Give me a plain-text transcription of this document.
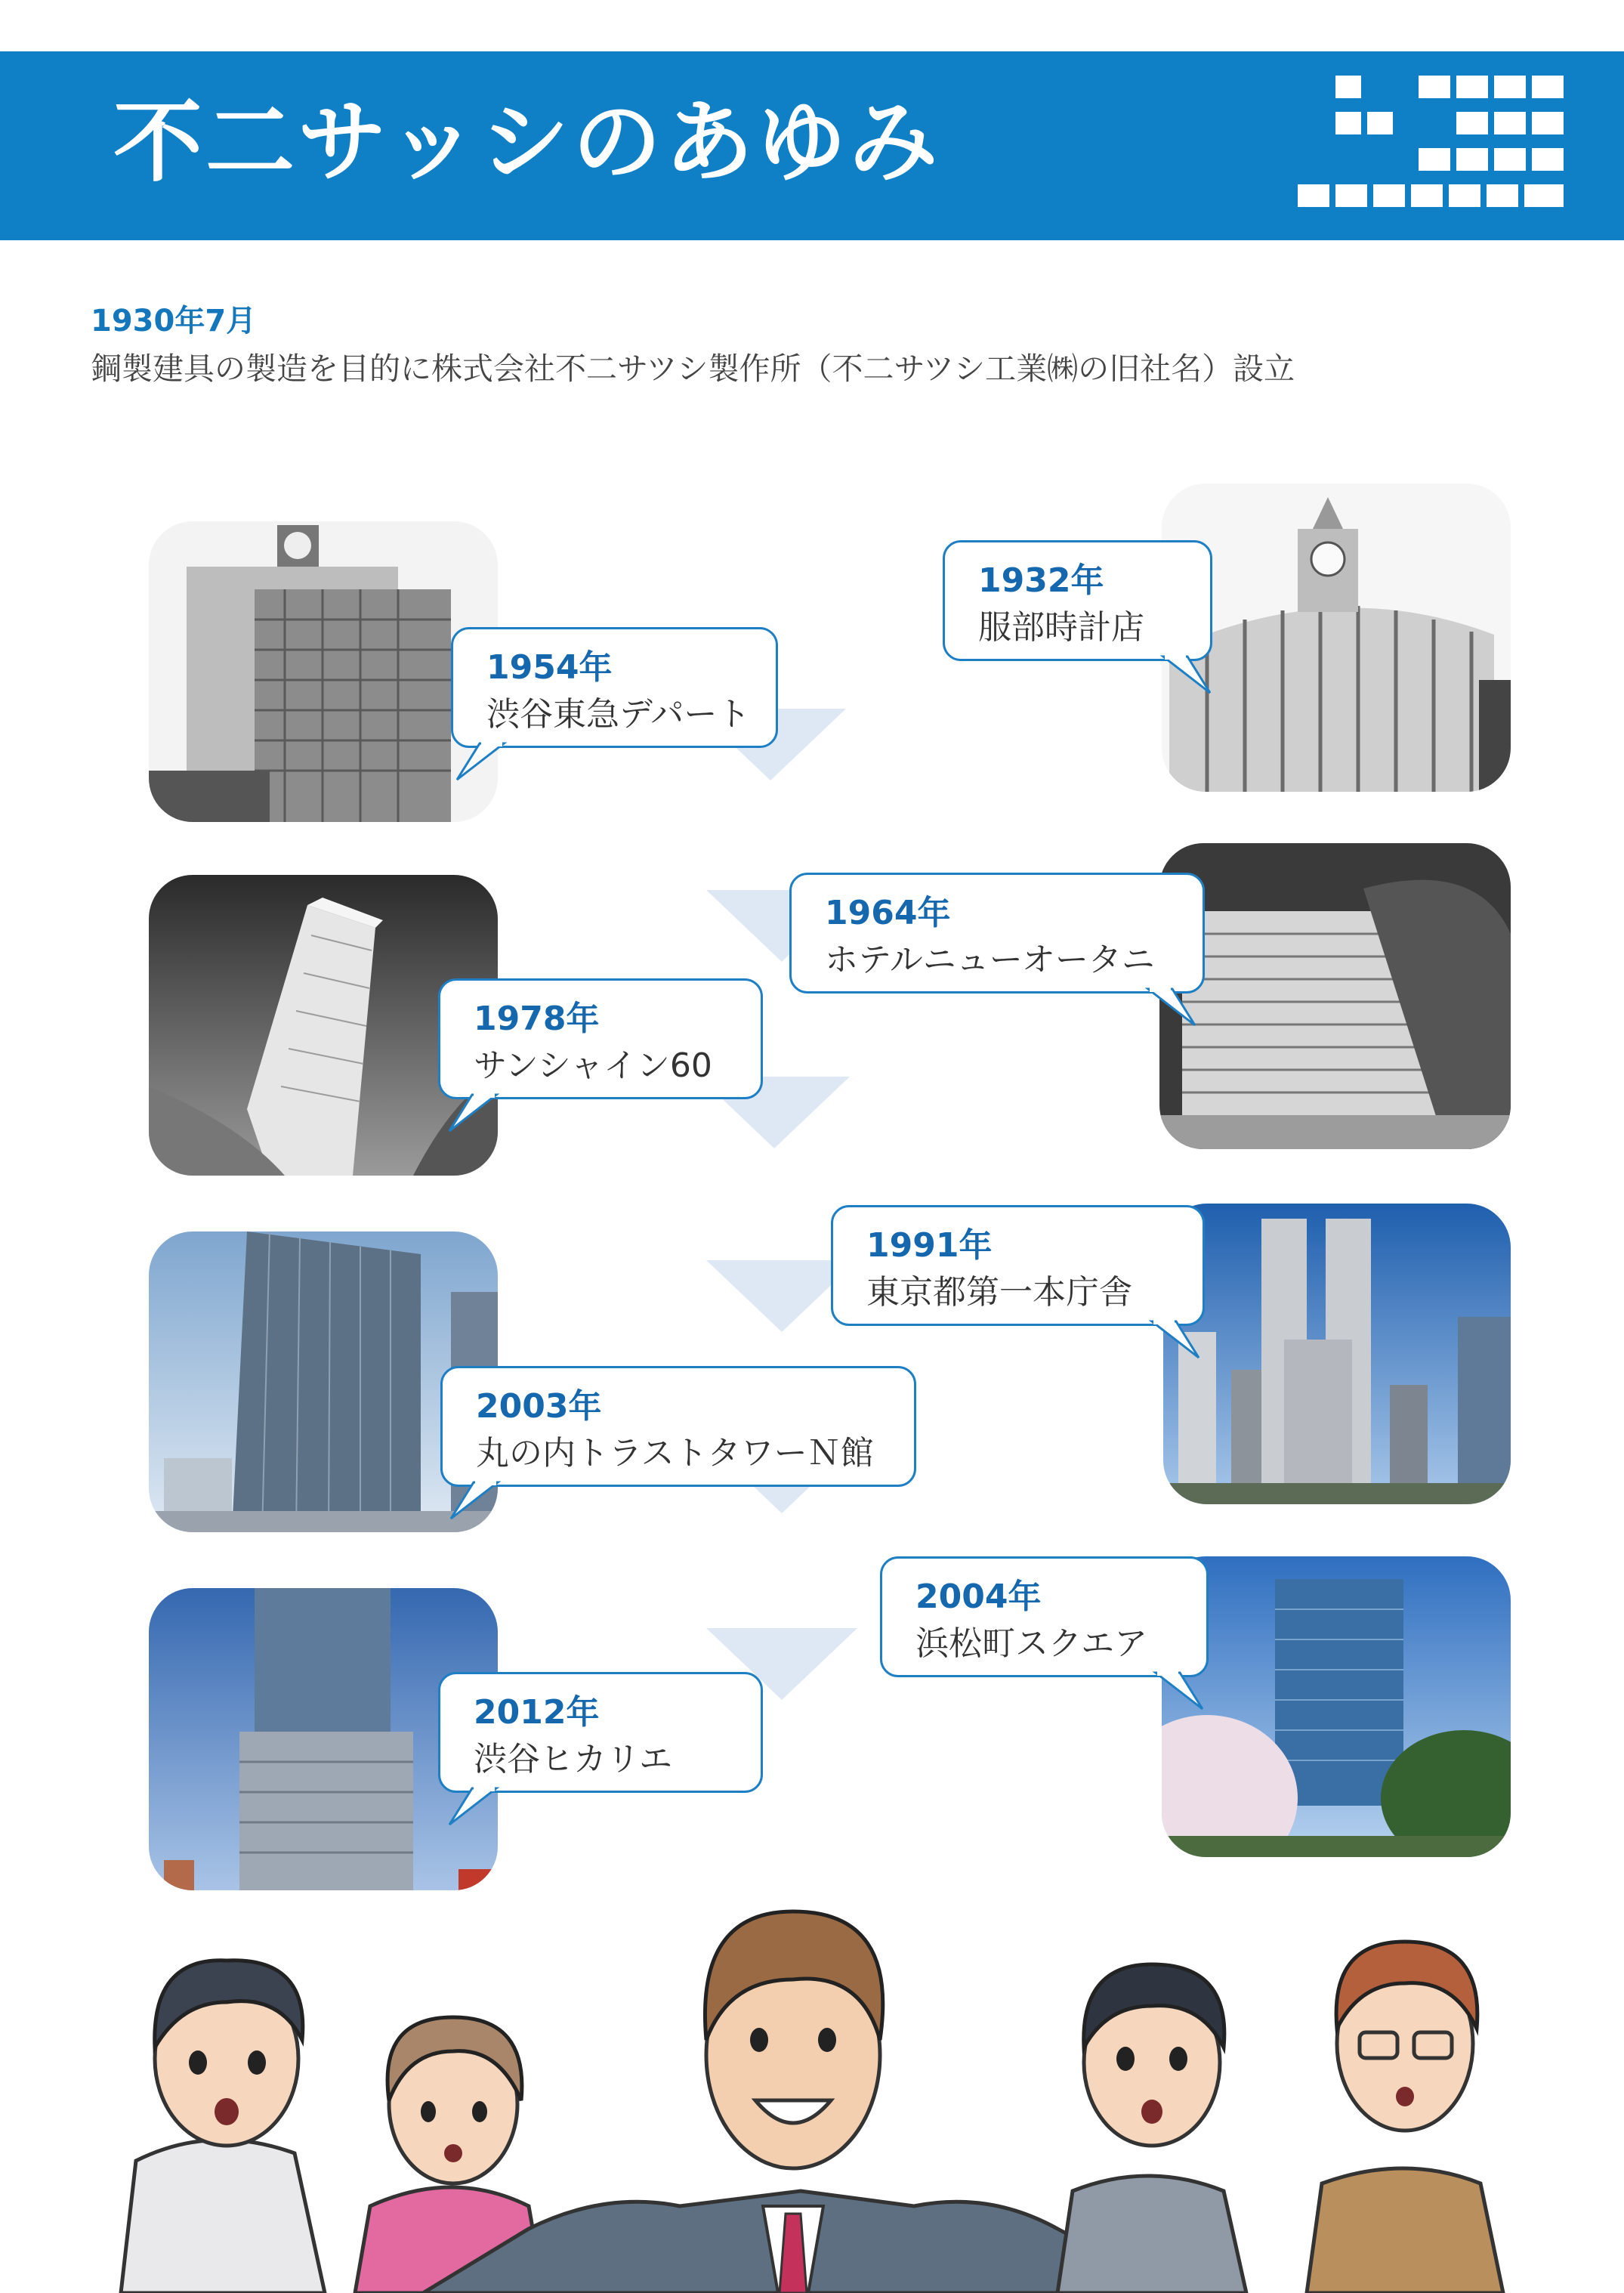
不二サッシのあゆみ
1930年7月
鋼製建具の製造を目的に株式会社不二サツシ製作所（不二サツシ工業㈱の旧社名）設立
1954年
渋谷東急デパート
1932年
服部時計店
1964年
ホテルニューオータニ
1978年
サンシャイン60
1991年
東京都第一本庁舎
2003年
丸の内トラストタワーＮ館
2004年
浜松町スクエア
2012年
渋谷ヒカリエ
